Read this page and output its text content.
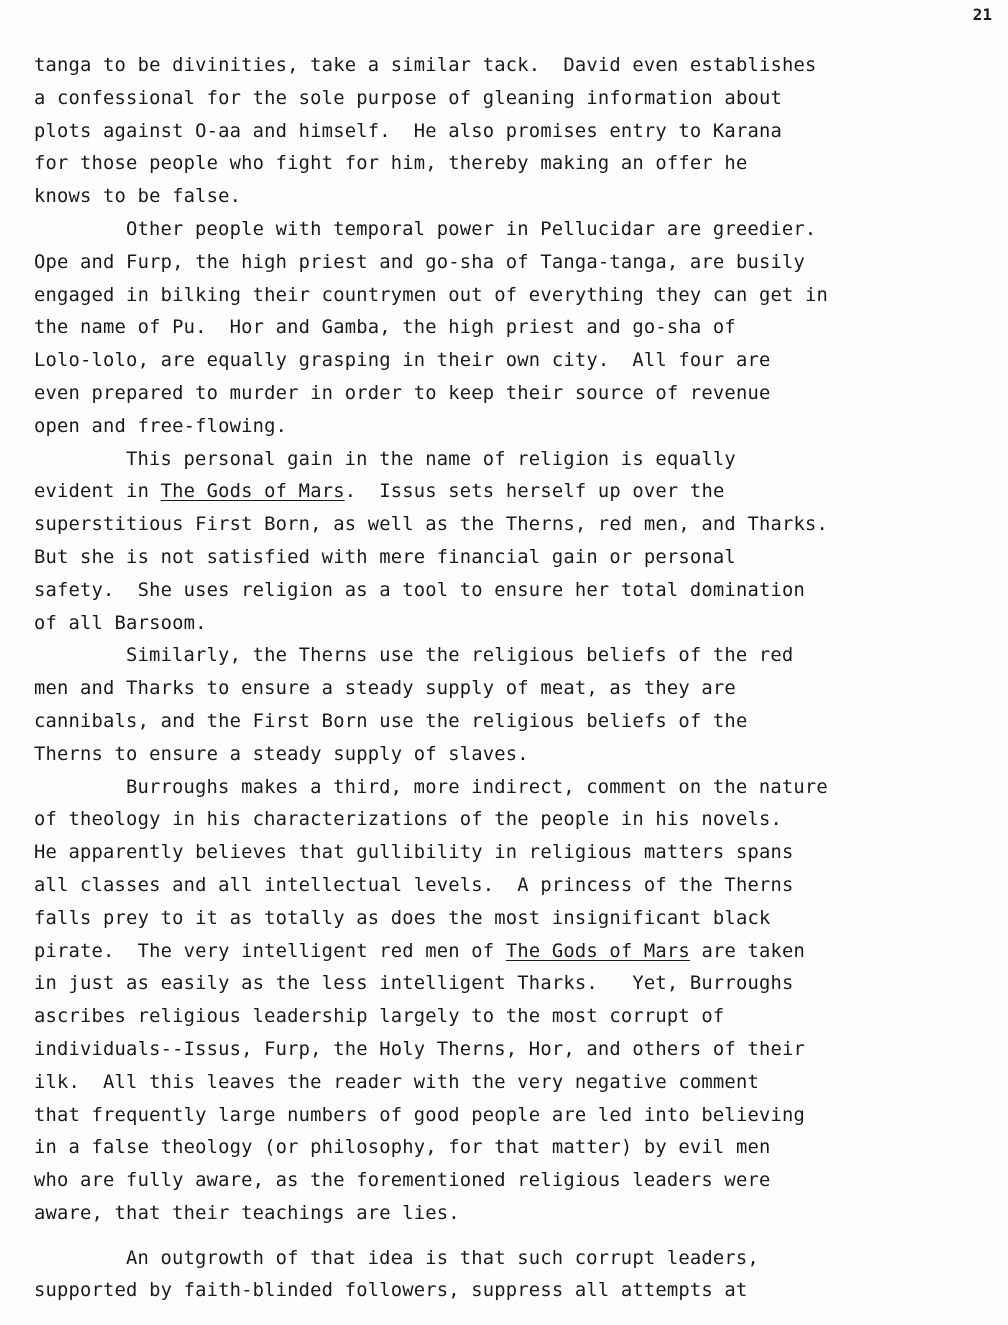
21
tanga to be divinities, take a similar tack.  David even establishes
a confessional for the sole purpose of gleaning information about
plots against O-aa and himself.  He also promises entry to Karana
for those people who fight for him, thereby making an offer he
knows to be false.
Other people with temporal power in Pellucidar are greedier.
Ope and Furp, the high priest and go-sha of Tanga-tanga, are busily
engaged in bilking their countrymen out of everything they can get in
the name of Pu.  Hor and Gamba, the high priest and go-sha of
Lolo-lolo, are equally grasping in their own city.  All four are
even prepared to murder in order to keep their source of revenue
open and free-flowing.
This personal gain in the name of religion is equally
evident in The Gods of Mars.  Issus sets herself up over the
superstitious First Born, as well as the Therns, red men, and Tharks.
But she is not satisfied with mere financial gain or personal
safety.  She uses religion as a tool to ensure her total domination
of all Barsoom.
Similarly, the Therns use the religious beliefs of the red
men and Tharks to ensure a steady supply of meat, as they are
cannibals, and the First Born use the religious beliefs of the
Therns to ensure a steady supply of slaves.
Burroughs makes a third, more indirect, comment on the nature
of theology in his characterizations of the people in his novels.
He apparently believes that gullibility in religious matters spans
all classes and all intellectual levels.  A princess of the Therns
falls prey to it as totally as does the most insignificant black
pirate.  The very intelligent red men of The Gods of Mars are taken
in just as easily as the less intelligent Tharks.   Yet, Burroughs
ascribes religious leadership largely to the most corrupt of
individuals--Issus, Furp, the Holy Therns, Hor, and others of their
ilk.  All this leaves the reader with the very negative comment
that frequently large numbers of good people are led into believing
in a false theology (or philosophy, for that matter) by evil men
who are fully aware, as the forementioned religious leaders were
aware, that their teachings are lies.
An outgrowth of that idea is that such corrupt leaders,
supported by faith-blinded followers, suppress all attempts at
